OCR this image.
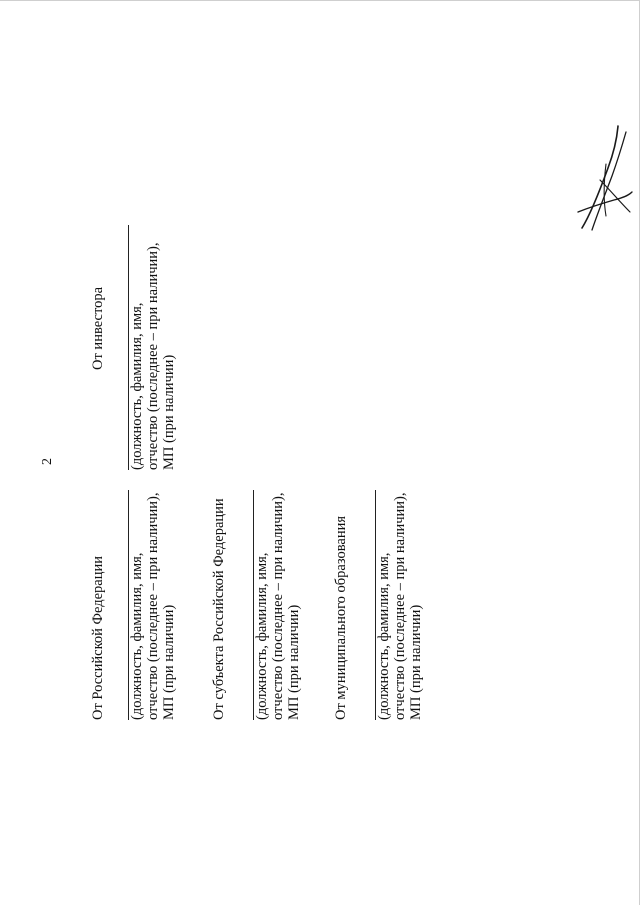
2
От Российской Федерации (должность, фамилия, имя, отчество (последнее – при наличии), МП (при наличии) От субъекта Российской Федерации (должность, фамилия, имя, отчество (последнее – при наличии), МП (при наличии) От муниципального образования (должность, фамилия, имя, отчество (последнее – при наличии), МП (при наличии)
От инвестора (должность, фамилия, имя, отчество (последнее – при наличии), МП (при наличии)
